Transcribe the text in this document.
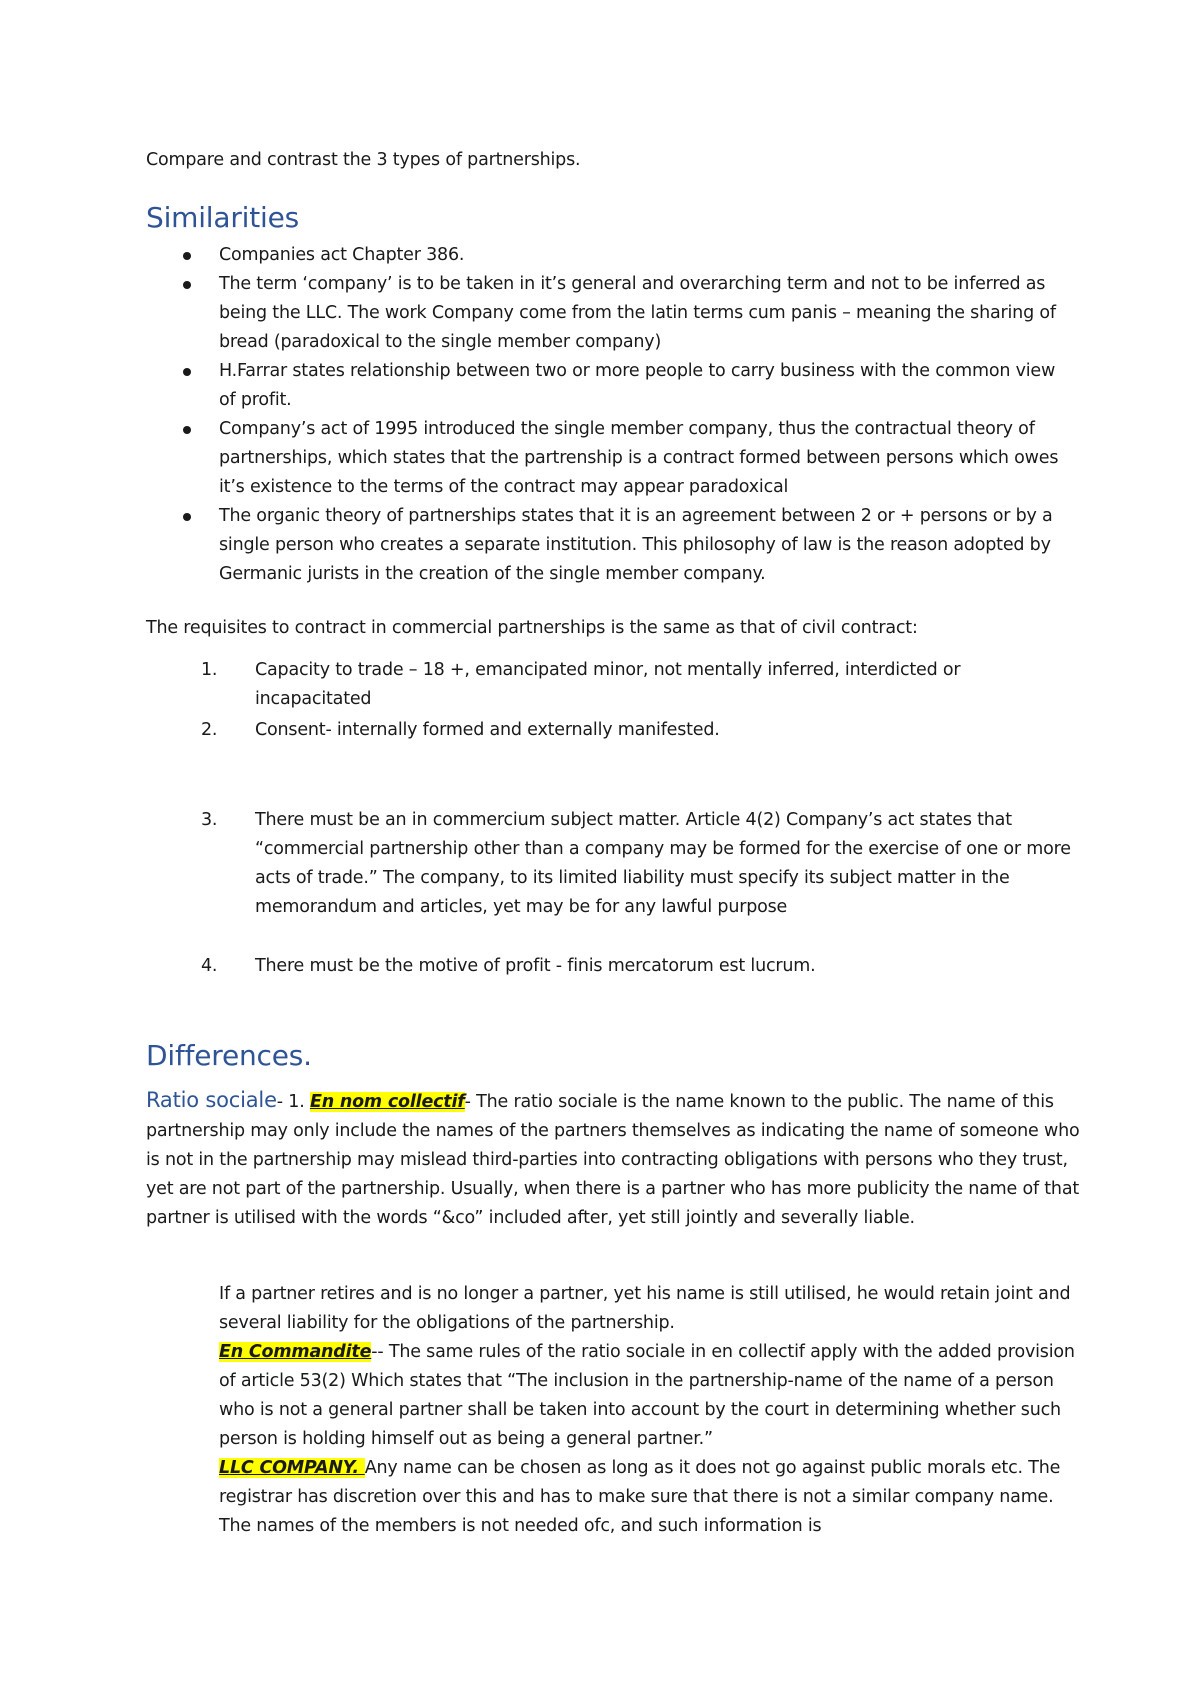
Compare and contrast the 3 types of partnerships.

Similarities
Companies act Chapter 386.
The term ‘company’ is to be taken in it’s general and overarching term and not to be inferred as being the LLC. The work Company come from the latin terms cum panis – meaning the sharing of bread (paradoxical to the single member company)
H.Farrar states relationship between two or more people to carry business with the common view of profit.
Company’s act of 1995 introduced the single member company, thus the contractual theory of partnerships, which states that the partrenship is a contract formed between persons which owes it’s existence to the terms of the contract may appear paradoxical
The organic theory of partnerships states that it is an agreement between 2 or + persons or by a single person who creates a separate institution. This philosophy of law is the reason adopted by Germanic jurists in the creation of the single member company.

The requisites to contract in commercial partnerships is the same as that of civil contract:

1. Capacity to trade – 18 +, emancipated minor, not mentally inferred, interdicted or incapacitated
2. Consent- internally formed and externally manifested.
3. There must be an in commercium subject matter. Article 4(2) Company’s act states that “commercial partnership other than a company may be formed for the exercise of one or more acts of trade.” The company, to its limited liability must specify its subject matter in the memorandum and articles, yet may be for any lawful purpose
4. There must be the motive of profit - finis mercatorum est lucrum.
Differences.

Ratio sociale- 1. En nom collectif- The ratio sociale is the name known to the public. The name of this partnership may only include the names of the partners themselves as indicating the name of someone who is not in the partnership may mislead third-parties into contracting obligations with persons who they trust, yet are not part of the partnership. Usually, when there is a partner who has more publicity the name of that partner is utilised with the words “&co” included after, yet still jointly and severally liable.

If a partner retires and is no longer a partner, yet his name is still utilised, he would retain joint and several liability for the obligations of the partnership.
En Commandite-- The same rules of the ratio sociale in en collectif apply with the added provision of article 53(2) Which states that “The inclusion in the partnership-name of the name of a person who is not a general partner shall be taken into account by the court in determining whether such person is holding himself out as being a general partner.”
LLC COMPANY. Any name can be chosen as long as it does not go against public morals etc. The registrar has discretion over this and has to make sure that there is not a similar company name. The names of the members is not needed ofc, and such information is
